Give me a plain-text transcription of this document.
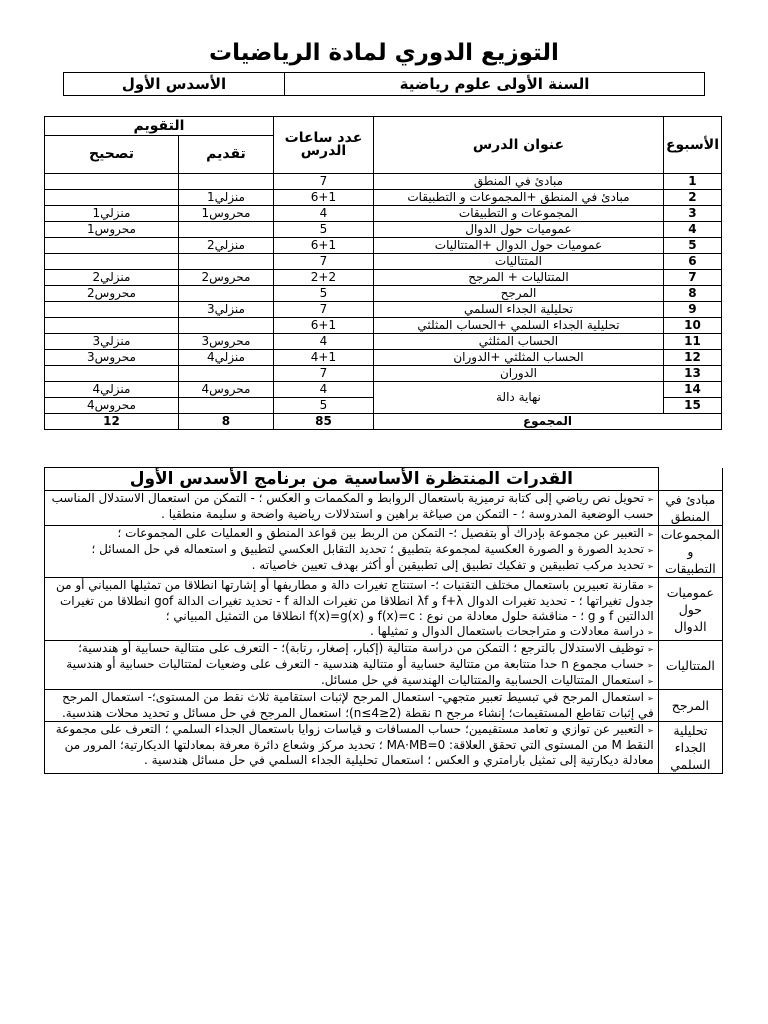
التوزيع الدوري لمادة الرياضيات
السنة الأولى علوم رياضية	الأسدس الأول
الأسبوع	عنوان الدرس	عدد ساعات الدرس	التقويم	
			تقديم	تصحيح
1	مبادئ في المنطق	7		
2	مبادئ في المنطق +المجموعات و التطبيقات	6+1	منزلي1	
3	المجموعات و التطبيقات	4	محروس1	منزلي1
4	عموميات حول الدوال	5		محروس1
5	عموميات حول الدوال +المتتاليات	6+1	منزلي2	
6	المتتاليات	7		
7	المتتاليات + المرجح	2+2	محروس2	منزلي2
8	المرجح	5		محروس2
9	تحليلية الجداء السلمي	7	منزلي3	
10	تحليلية الجداء السلمي +الحساب المثلثي	6+1		
11	الحساب المثلثي	4	محروس3	منزلي3
12	الحساب المثلثي +الدوران	4+1	منزلي4	محروس3
13	الدوران	7		
14	نهاية دالة	4	محروس4	منزلي4
15		5		محروس4
المجموع		85	8	12
	القدرات المنتظرة الأساسية من برنامج الأسدس الأول
مبادئ في المنطق	➢ تحويل نص رياضي إلى كتابة ترميزية باستعمال الروابط و المكممات و العكس ؛ - التمكن من استعمال الاستدلال المناسب حسب الوضعية المدروسة ؛ - التمكن من صياغة براهين و استدلالات رياضية واضحة و سليمة منطقيا .

المجموعات و التطبيقات	➢ التعبير عن مجموعة بإدراك أو بتفصيل ؛- التمكن من الربط بين قواعد المنطق و العمليات على المجموعات ؛
➢ تحديد الصورة و الصورة العكسية لمجموعة بتطبيق ؛ تحديد التقابل العكسي لتطبيق و استعماله في حل المسائل ؛
➢ تحديد مركب تطبيقين و تفكيك تطبيق إلى تطبيقين أو أكثر بهدف تعيين خاصياته .

عموميات حول الدوال	➢ مقارنة تعبيرين باستعمال مختلف التقنيات ؛- استنتاج تغيرات دالة و مطاريفها أو إشارتها انطلاقا من تمثيلها المبياني أو من جدول تغيراتها ؛ - تحديد تغيرات الدوال f+λ و λf انطلاقا من تغيرات الدالة f - تحديد تغيرات الدالة gof انطلاقا من تغيرات الدالتين f و g ؛ - مناقشة حلول معادلة من نوع : f(x)=c و f(x)=g(x) انطلاقا من التمثيل المبياني ؛
➢ دراسة معادلات و متراجحات باستعمال الدوال و تمثيلها .

المتتاليات	➢ توظيف الاستدلال بالترجع ؛ التمكن من دراسة متتالية (إكبار، إصغار، رتابة)؛ - التعرف على متتالية حسابية أو هندسية؛
➢ حساب مجموع n حدا متتابعة من متتالية حسابية أو متتالية هندسية - التعرف على وضعيات لمتتاليات حسابية أو هندسية
➢ استعمال المتتاليات الحسابية والمتتاليات الهندسية في حل مسائل.

المرجح	➢ استعمال المرجح في تبسيط تعبير متجهي- استعمال المرجح لإثبات استقامية ثلاث نقط من المستوى؛- استعمال المرجح في إثبات تقاطع المستقيمات؛ إنشاء مرجح n نقطة (n≤4≥2)؛ استعمال المرجح في حل مسائل و تحديد محلات هندسية.

تحليلية الجداء السلمي	➢ التعبير عن توازي و تعامد مستقيمين؛ حساب المسافات و قياسات زوايا باستعمال الجداء السلمي ؛ التعرف على مجموعة النقط M من المستوى التي تحقق العلاقة: MA·MB=0 ؛ تحديد مركز وشعاع دائرة معرفة بمعادلتها الديكارتية؛ المرور من معادلة ديكارتية إلى تمثيل بارامتري و العكس ؛ استعمال تحليلية الجداء السلمي في حل مسائل هندسية .
